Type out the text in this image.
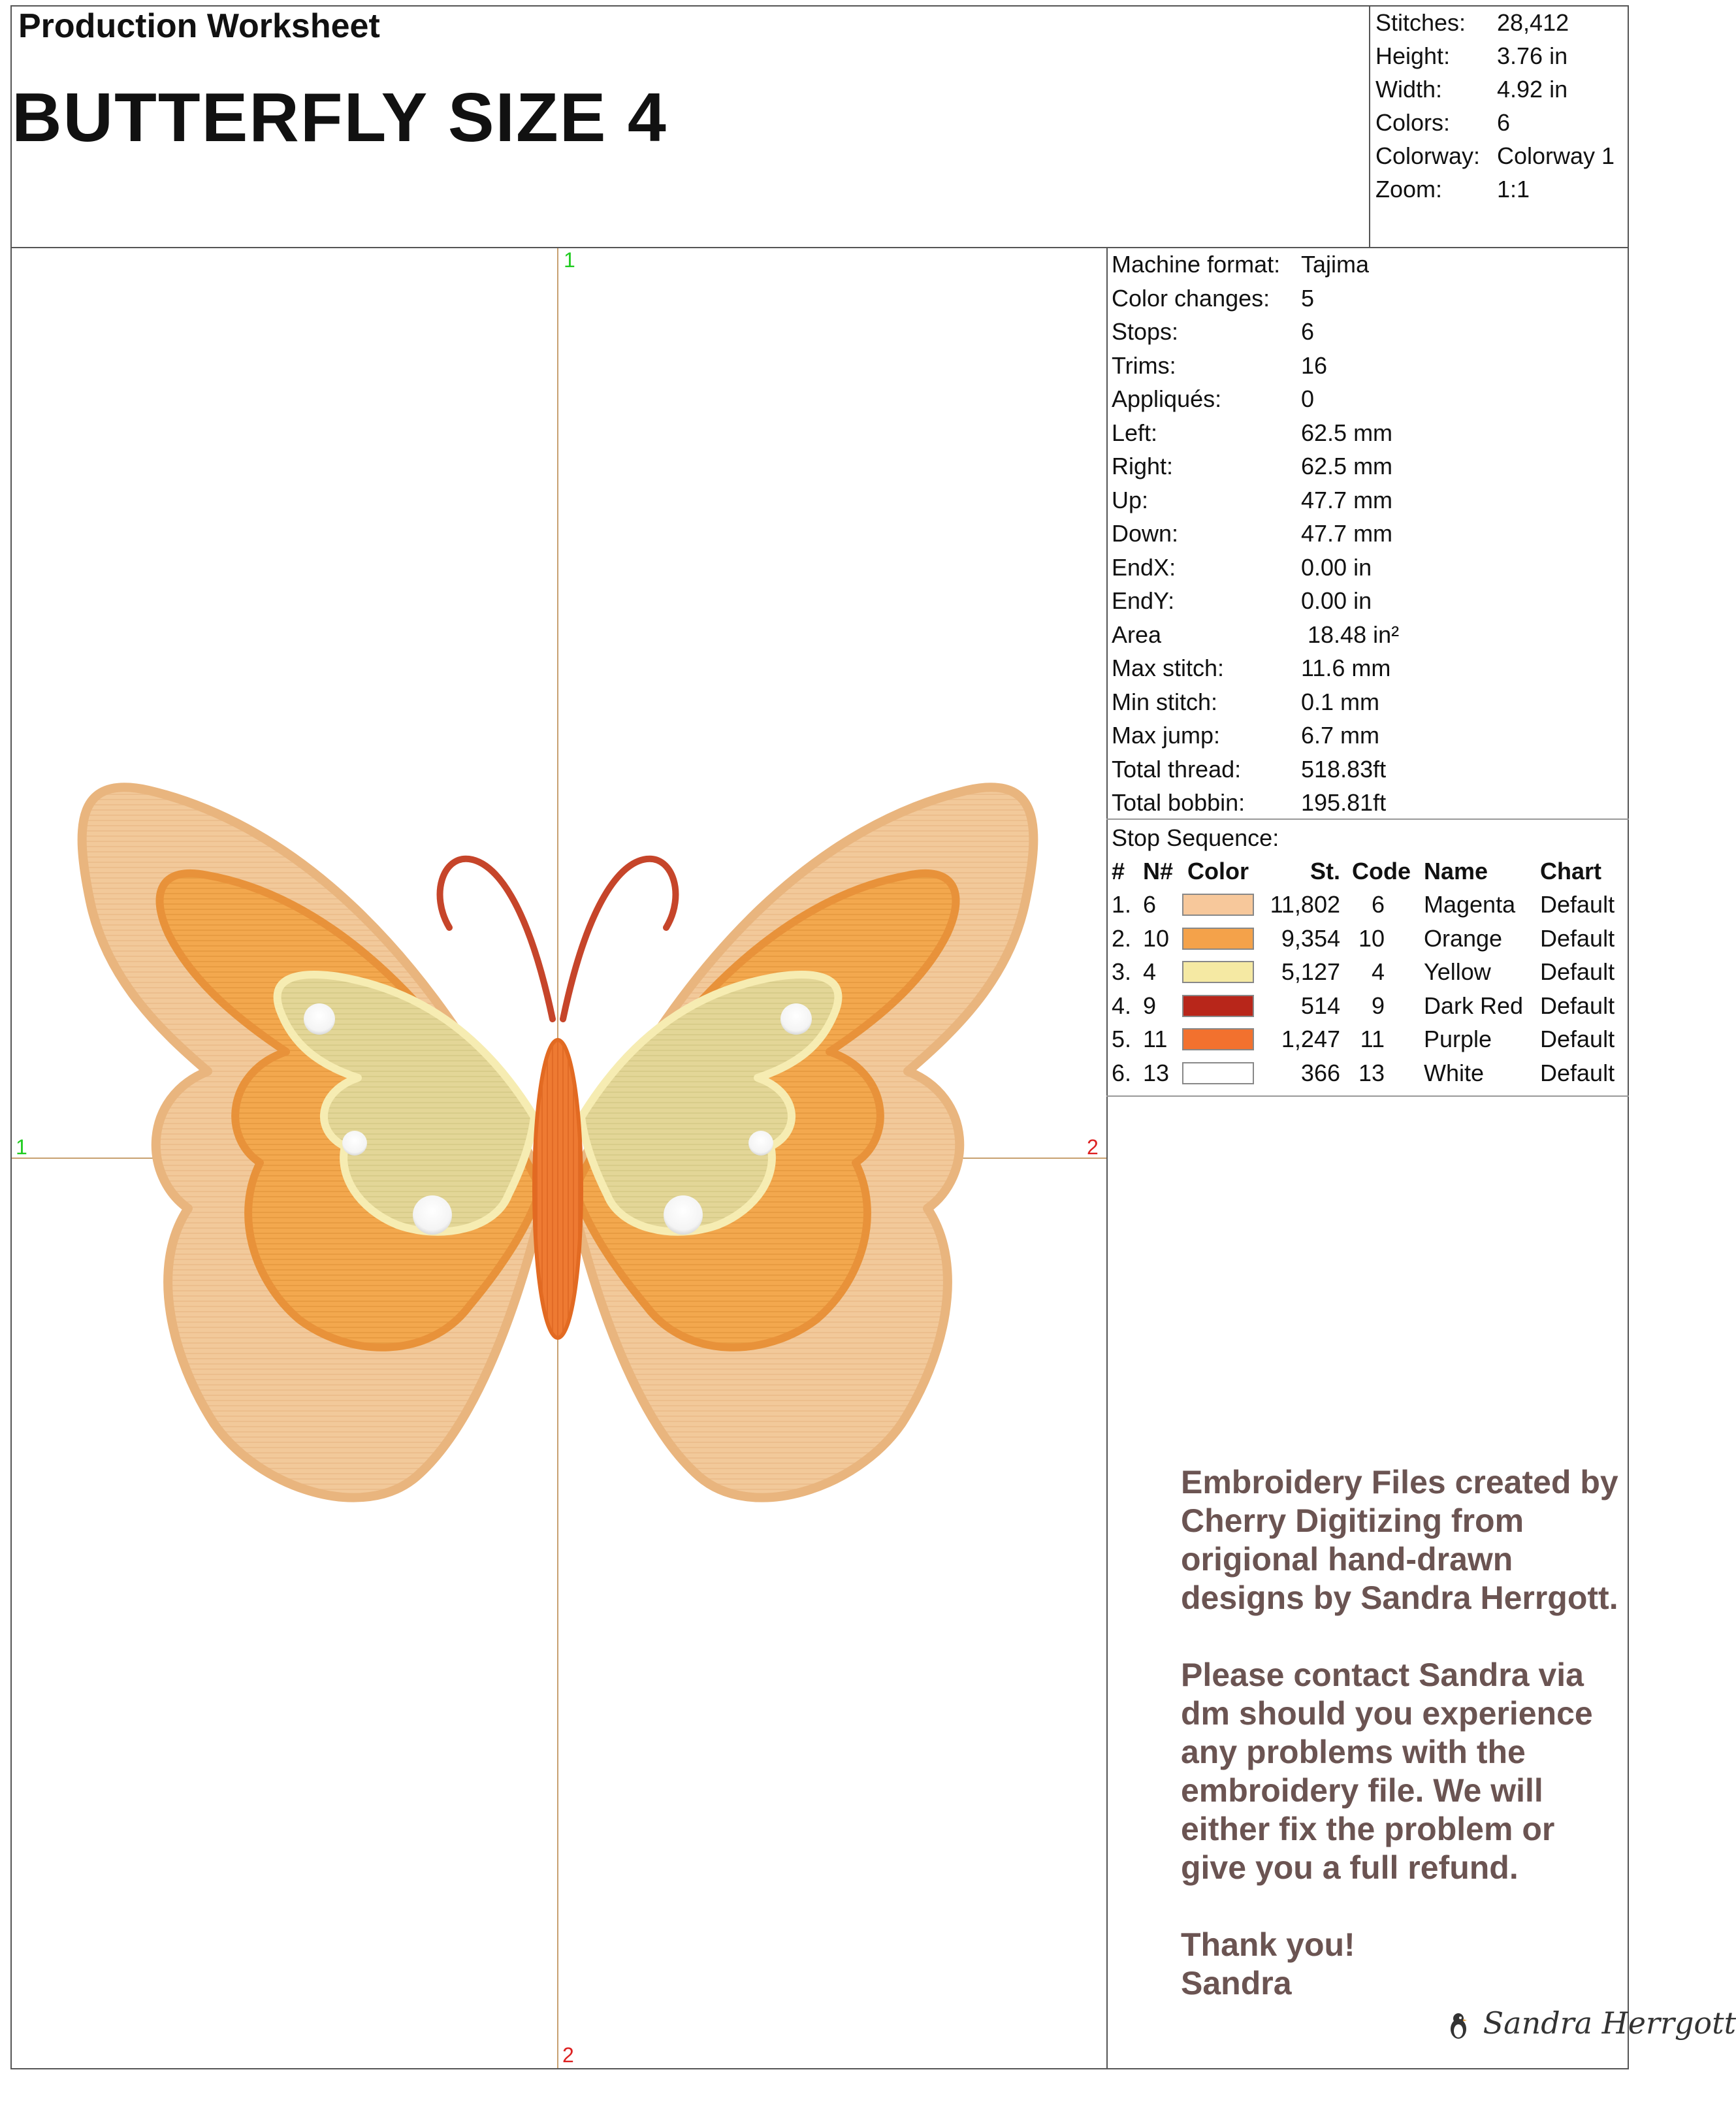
Production Worksheet
BUTTERFLY SIZE 4
Stitches: 28,412
Height: 3.76 in
Width: 4.92 in
Colors: 6
Colorway: Colorway 1
Zoom: 1:1
Machine format: Tajima
Color changes: 5
Stops:	6
Trims:	16
Appliqués:	0
Left:	62.5 mm
Right:	62.5 mm
Up:	47.7 mm
Down:	47.7 mm
EndX:	0.00 in
EndY:	0.00 in
Area	18.48 in²
Max stitch:	11.6 mm
Min stitch:	0.1 mm
Max jump:	6.7 mm
Total thread:	518.83ft
Total bobbin: 195.81ft
Stop Sequence:
# N# Color	St. Code Name Chart
1. 6	11,802 6 Magenta Default
2. 10	9,354 10 Orange Default
3. 4	5,127 4 Yellow Default
4. 9	514 9 Dark Red Default
5. 11	1,247 11 Purple Default
6. 13	366 13 White Default

Embroidery Files created by Cherry Digitizing from origional hand-drawn designs by Sandra Herrgott.

Please contact Sandra via dm should you experience any problems with the embroidery file. We will either fix the problem or give you a full refund.

Thank you!
Sandra
Sandra Herrgott
1
2
1	2
